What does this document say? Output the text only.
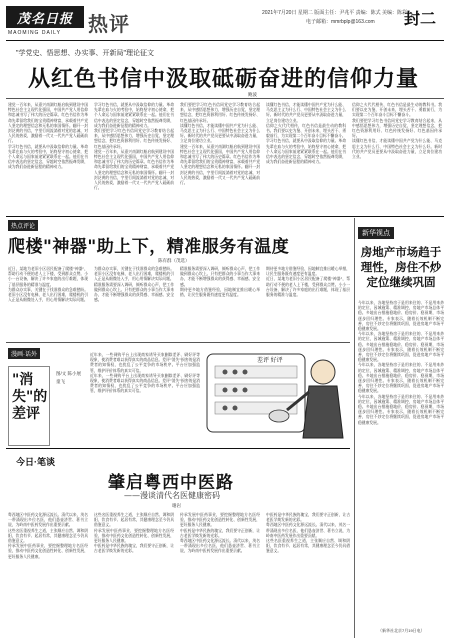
茂名日报
MAOMING DAILY 热评	2021年7月20日 星期二 版面主任：尹兆平 责编：陈式 美编：陈彩
电子邮箱：mmrbplp@163.com 封二
"学党史、悟思想、办实事、开新局"理论征文
从红色书信中汲取砥砺奋进的信仰力量
鲍波

建党一百年来，从嘉兴南湖红船启航到建设中国特色社会主义现代化强国，中国共产党人用信仰和忠诚书写了伟大的历史篇章。红色书信作为革命先辈留给我们的宝贵精神财富，承载着共产党人坚定的理想信念和无私的家国情怀。翻开一封封泛黄的书信，字里行间流淌着对党的忠诚、对人民的热爱，激励着一代又一代共产党人砥砺前行。

学习红色书信，就要从中汲取信仰的力量。革命先辈在血与火的考验中，始终坚守初心使命，把个人命运与国家前途紧紧联系在一起。他们在书信中表达的坚定信念，穿越时空依然振聋发聩，成为我们奋进新征程的精神动力。

学习红色书信，就要从中汲取信仰的力量。革命先辈在血与火的考验中，始终坚守初心使命，把个人命运与国家前途紧紧联系在一起。他们在书信中表达的坚定信念，穿越时空依然振聋发聩，成为我们奋进新征程的精神动力。

我们要把学习红色书信同党史学习教育结合起来，从中感悟思想伟力，增强历史自觉，坚定理想信念，把红色资源利用好、红色传统发扬好、红色基因传承好。

建党一百年来，从嘉兴南湖红船启航到建设中国特色社会主义现代化强国，中国共产党人用信仰和忠诚书写了伟大的历史篇章。红色书信作为革命先辈留给我们的宝贵精神财富，承载着共产党人坚定的理想信念和无私的家国情怀。翻开一封封泛黄的书信，字里行间流淌着对党的忠诚、对人民的热爱，激励着一代又一代共产党人砥砺前行。

我们要把学习红色书信同党史学习教育结合起来，从中感悟思想伟力，增强历史自觉，坚定理想信念，把红色资源利用好、红色传统发扬好、红色基因传承好。

读懂红色书信，才能读懂中国共产党为什么能、马克思主义为什么行、中国特色社会主义为什么好。新时代的共产党员更要从中汲取奋进力量，立足岗位建功立业。

建党一百年来，从嘉兴南湖红船启航到建设中国特色社会主义现代化强国，中国共产党人用信仰和忠诚书写了伟大的历史篇章。红色书信作为革命先辈留给我们的宝贵精神财富，承载着共产党人坚定的理想信念和无私的家国情怀。翻开一封封泛黄的书信，字里行间流淌着对党的忠诚、对人民的热爱，激励着一代又一代共产党人砥砺前行。

读懂红色书信，才能读懂中国共产党为什么能、马克思主义为什么行、中国特色社会主义为什么好。新时代的共产党员更要从中汲取奋进力量，立足岗位建功立业。

信仰之火代代相传，红色书信是最生动的教科书。我们要以史为鉴、开创未来，埋头苦干、勇毅前行，为实现第二个百年奋斗目标不懈奋斗。

学习红色书信，就要从中汲取信仰的力量。革命先辈在血与火的考验中，始终坚守初心使命，把个人命运与国家前途紧紧联系在一起。他们在书信中表达的坚定信念，穿越时空依然振聋发聩，成为我们奋进新征程的精神动力。

信仰之火代代相传，红色书信是最生动的教科书。我们要以史为鉴、开创未来，埋头苦干、勇毅前行，为实现第二个百年奋斗目标不懈奋斗。

我们要把学习红色书信同党史学习教育结合起来，从中感悟思想伟力，增强历史自觉，坚定理想信念，把红色资源利用好、红色传统发扬好、红色基因传承好。

读懂红色书信，才能读懂中国共产党为什么能、马克思主义为什么行、中国特色社会主义为什么好。新时代的共产党员更要从中汲取奋进力量，立足岗位建功立业。

热点评论
爬楼"神器"助上下，精准服务有温度
陈有群（茂选）

近日，某地为老旧小区居民配备了爬楼"神器"，帮助行动不便的老人上下楼，受到群众点赞。小小一台设备，解决了许多家庭的出行难题，体现了基层服务的精准与温度。

为群众办实事，关键在于找准群众的急难愁盼。老旧小区没有电梯，老人出行困难，爬楼机的引入正是从细微处入手，用心用情解决实际问题。

为群众办实事，关键在于找准群众的急难愁盼。老旧小区没有电梯，老人出行困难，爬楼机的引入正是从细微处入手，用心用情解决实际问题。

精准服务需要深入调研，倾听群众心声，把工作做到群众心坎上。只有把群众的小事当作大事来办，才能不断增强群众的获得感、幸福感、安全感。

精准服务需要深入调研，倾听群众心声，把工作做到群众心坎上。只有把群众的小事当作大事来办，才能不断增强群众的获得感、幸福感、安全感。

期待更多地方借鉴经验，因地制宜推出暖心举措，让民生服务既有速度更有温度。

期待更多地方借鉴经验，因地制宜推出暖心举措，让民生服务既有速度更有温度。

近日，某地为老旧小区居民配备了爬楼"神器"，帮助行动不便的老人上下楼，受到群众点赞。小小一台设备，解决了许多家庭的出行难题，体现了基层服务的精准与温度。

新华视点
房地产市场趋于理性，房住不炒定位继续巩固

今年以来，各地坚持房子是用来住的、不是用来炒的定位，因城施策、精准调控，房地产市场总体平稳。多地出台措施稳地价、稳房价、稳预期，市场逐步回归理性。专家表示，随着长效机制不断完善，房住不炒定位将继续巩固，促进房地产市场平稳健康发展。

今年以来，各地坚持房子是用来住的、不是用来炒的定位，因城施策、精准调控，房地产市场总体平稳。多地出台措施稳地价、稳房价、稳预期，市场逐步回归理性。专家表示，随着长效机制不断完善，房住不炒定位将继续巩固，促进房地产市场平稳健康发展。

今年以来，各地坚持房子是用来住的、不是用来炒的定位，因城施策、精准调控，房地产市场总体平稳。多地出台措施稳地价、稳房价、稳预期，市场逐步回归理性。专家表示，随着长效机制不断完善，房住不炒定位将继续巩固，促进房地产市场平稳健康发展。

今年以来，各地坚持房子是用来住的、不是用来炒的定位，因城施策、精准调控，房地产市场总体平稳。多地出台措施稳地价、稳房价、稳预期，市场逐步回归理性。专家表示，随着长效机制不断完善，房住不炒定位将继续巩固，促进房地产市场平稳健康发展。

漫画·话外
"消失"的差评
图/文 陈小展 童飞

近年来，一些网购平台上出现商家诱导买家删除差评、刷好评等现象，使消费者难以获得真实的商品信息。差评"消失"损害的是消费者的知情权，也扰乱了公平竞争的市场秩序。平台应加强监管，维护评价体系的真实可信。

近年来，一些网购平台上出现商家诱导买家删除差评、刷好评等现象，使消费者难以获得真实的商品信息。差评"消失"损害的是消费者的知情权，也扰乱了公平竞争的市场秩序。平台应加强监管，维护评价体系的真实可信。

差评 好评
今日·笔谈
肇启粤西中医路
——漫谈清代名医健康密码
谢岩

粤西地区中医药文化源远流长。清代以来，茂名一带涌现出多位名医，他们悬壶济世、著书立说，为岭南中医药发展作出重要贡献。

这些名医重视养生之道，主张顺应自然、调和阴阳，饮食有节、起居有常，其健康理念至今仍具借鉴意义。

传承发展中医药事业，要挖掘整理地方名医经验，推动中医药文化创造性转化、创新性发展，更好服务人民健康。

这些名医重视养生之道，主张顺应自然、调和阴阳，饮食有节、起居有常，其健康理念至今仍具借鉴意义。

传承发展中医药事业，要挖掘整理地方名医经验，推动中医药文化创造性转化、创新性发展，更好服务人民健康。

中医药是中华民族的瑰宝，我们要守正创新，让古老医学焕发新的光彩。

传承发展中医药事业，要挖掘整理地方名医经验，推动中医药文化创造性转化、创新性发展，更好服务人民健康。

中医药是中华民族的瑰宝，我们要守正创新，让古老医学焕发新的光彩。

粤西地区中医药文化源远流长。清代以来，茂名一带涌现出多位名医，他们悬壶济世、著书立说，为岭南中医药发展作出重要贡献。

中医药是中华民族的瑰宝，我们要守正创新，让古老医学焕发新的光彩。

粤西地区中医药文化源远流长。清代以来，茂名一带涌现出多位名医，他们悬壶济世、著书立说，为岭南中医药发展作出重要贡献。

这些名医重视养生之道，主张顺应自然、调和阴阳，饮食有节、起居有常，其健康理念至今仍具借鉴意义。

（新华社北京7月19日电）
